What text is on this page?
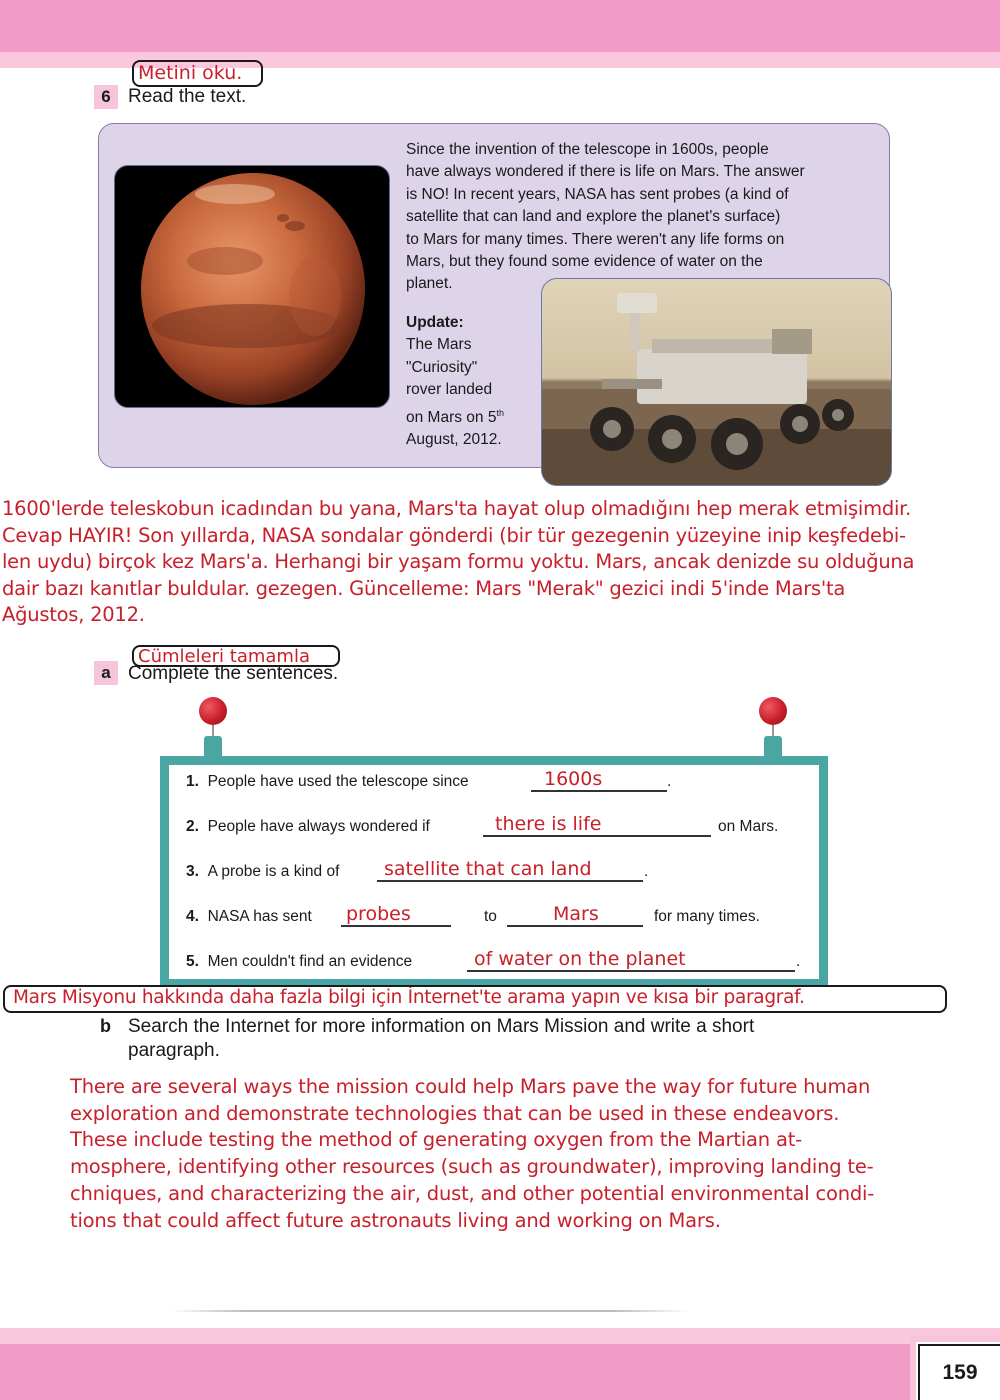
Metini oku.
6 Read the text.
Since the invention of the telescope in 1600s, people
have always wondered if there is life on Mars. The answer
is NO! In recent years, NASA has sent probes (a kind of
satellite that can land and explore the planet's surface)
to Mars for many times. There weren't any life forms on
Mars, but they found some evidence of water on the
planet.
Update:
The Mars
"Curiosity"
rover landed
on Mars on 5th
August, 2012.
1600'lerde teleskobun icadından bu yana, Mars'ta hayat olup olmadığını hep merak etmişimdir.
Cevap HAYIR! Son yıllarda, NASA sondalar gönderdi (bir tür gezegenin yüzeyine inip keşfedebi-
len uydu) birçok kez Mars'a. Herhangi bir yaşam formu yoktu. Mars, ancak denizde su olduğuna
dair bazı kanıtlar buldular. gezegen. Güncelleme: Mars "Merak" gezici indi 5'inde Mars'ta
Ağustos, 2012.
Cümleleri tamamla
a Complete the sentences.
1. People have used the telescope since	1600s	.
2. People have always wondered if	there is life	on Mars.
3. A probe is a kind of satellite that can land	.
4. NASA has sent probes	to	Mars	for many times.
5. Men couldn't find an evidence	of water on the planet	.
Mars Misyonu hakkında daha fazla bilgi için İnternet'te arama yapın ve kısa bir paragraf.
b Search the Internet for more information on Mars Mission and write a short
paragraph.
There are several ways the mission could help Mars pave the way for future human
exploration and demonstrate technologies that can be used in these endeavors.
These include testing the method of generating oxygen from the Martian at-
mosphere, identifying other resources (such as groundwater), improving landing te-
chniques, and characterizing the air, dust, and other potential environmental condi-
tions that could affect future astronauts living and working on Mars.
159
